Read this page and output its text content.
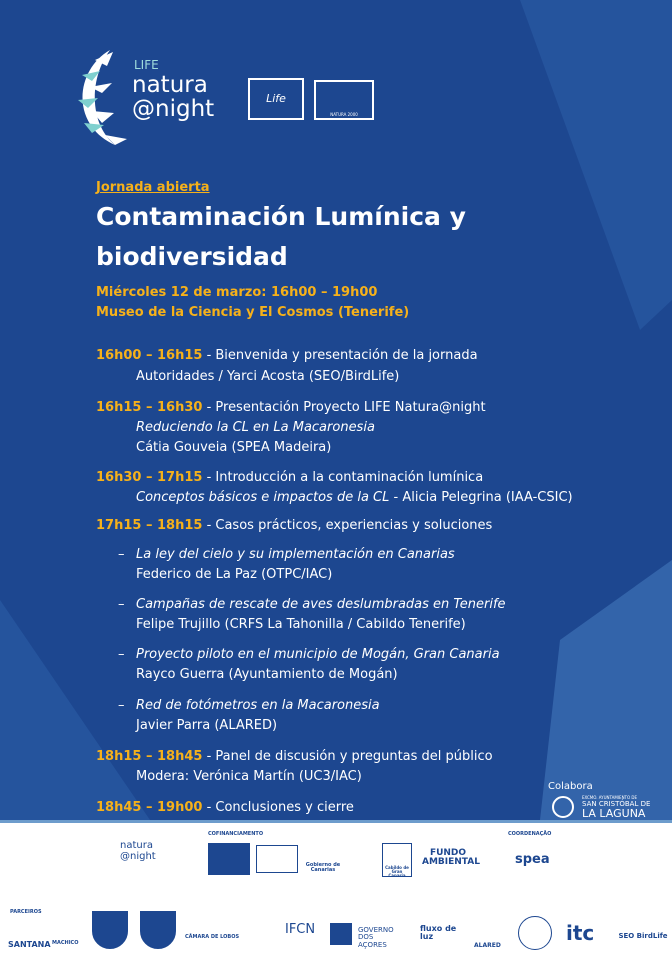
LIFE
natura
@night	Life
NATURA 2000
Jornada abierta
Contaminación Lumínica y
biodiversidad
Miércoles 12 de marzo: 16h00 – 19h00
Museo de la Ciencia y El Cosmos (Tenerife)
16h00 – 16h15 - Bienvenida y presentación de la jornada
Autoridades / Yarci Acosta (SEO/BirdLife)
16h15 – 16h30 - Presentación Proyecto LIFE Natura@night
Reduciendo la CL en La Macaronesia
Cátia Gouveia (SPEA Madeira)
16h30 – 17h15 - Introducción a la contaminación lumínica
Conceptos básicos e impactos de la CL - Alicia Pelegrina (IAA-CSIC)
17h15 – 18h15 - Casos prácticos, experiencias y soluciones
– La ley del cielo y su implementación en Canarias
Federico de La Paz (OTPC/IAC)
– Campañas de rescate de aves deslumbradas en Tenerife
Felipe Trujillo (CRFS La Tahonilla / Cabildo Tenerife)
– Proyecto piloto en el municipio de Mogán, Gran Canaria
Rayco Guerra (Ayuntamiento de Mogán)
– Red de fotómetros en la Macaronesia
Javier Parra (ALARED)
18h15 – 18h45 - Panel de discusión y preguntas del público
Modera: Verónica Martín (UC3/IAC)
18h45 – 19h00 - Conclusiones y cierre
Colabora
EXCMO. AYUNTAMIENTO DE
SAN CRISTÓBAL DE
LA LAGUNA
natura
@night
COFINANCIAMENTO	COORDENAÇÃO
PARCEIROS
Gobierno de Canarias	Cabildo de Gran Canaria
FUNDO AMBIENTAL	spea
SANTANA MACHICO
CÂMARA DE LOBOS	IFCN	GOVERNO DOS AÇORES
fluxo de luz
ALARED
itc	SEO BirdLife
